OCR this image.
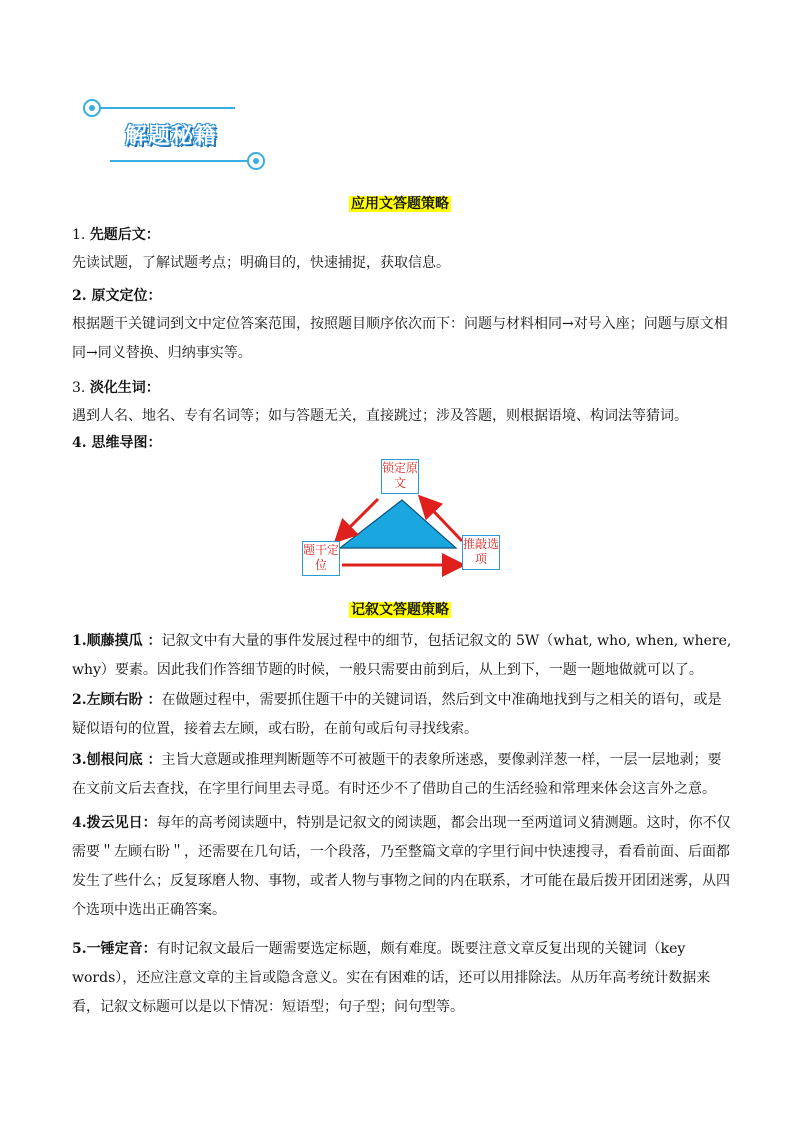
解题秘籍
应用文答题策略
1. 先题后文：
先读试题，了解试题考点；明确目的，快速捕捉，获取信息。
2. 原文定位：
根据题干关键词到文中定位答案范围，按照题目顺序依次而下：问题与材料相同→对号入座；问题与原文相同→同义替换、归纳事实等。
3. 淡化生词：
遇到人名、地名、专有名词等；如与答题无关，直接跳过；涉及答题，则根据语境、构词法等猜词。
4. 思维导图：
锁定原文
题干定位
推敲选项
记叙文答题策略
1.顺藤摸瓜 ：记叙文中有大量的事件发展过程中的细节，包括记叙文的 5W（what, who, when, where, why）要素。因此我们作答细节题的时候，一般只需要由前到后，从上到下，一题一题地做就可以了。
2.左顾右盼 ：在做题过程中，需要抓住题干中的关键词语，然后到文中准确地找到与之相关的语句，或是疑似语句的位置，接着去左顾，或右盼，在前句或后句寻找线索。
3.刨根问底 ：主旨大意题或推理判断题等不可被题干的表象所迷惑，要像剥洋葱一样，一层一层地剥；要在文前文后去查找，在字里行间里去寻觅。有时还少不了借助自己的生活经验和常理来体会这言外之意。
4.拨云见日：每年的高考阅读题中，特别是记叙文的阅读题，都会出现一至两道词义猜测题。这时，你不仅需要＂左顾右盼＂，还需要在几句话，一个段落，乃至整篇文章的字里行间中快速搜寻，看看前面、后面都发生了些什么；反复琢磨人物、事物，或者人物与事物之间的内在联系，才可能在最后拨开团团迷雾，从四个选项中选出正确答案。
5.一锤定音：有时记叙文最后一题需要选定标题，颇有难度。既要注意文章反复出现的关键词（key words），还应注意文章的主旨或隐含意义。实在有困难的话，还可以用排除法。从历年高考统计数据来看，记叙文标题可以是以下情况：短语型；句子型；问句型等。
